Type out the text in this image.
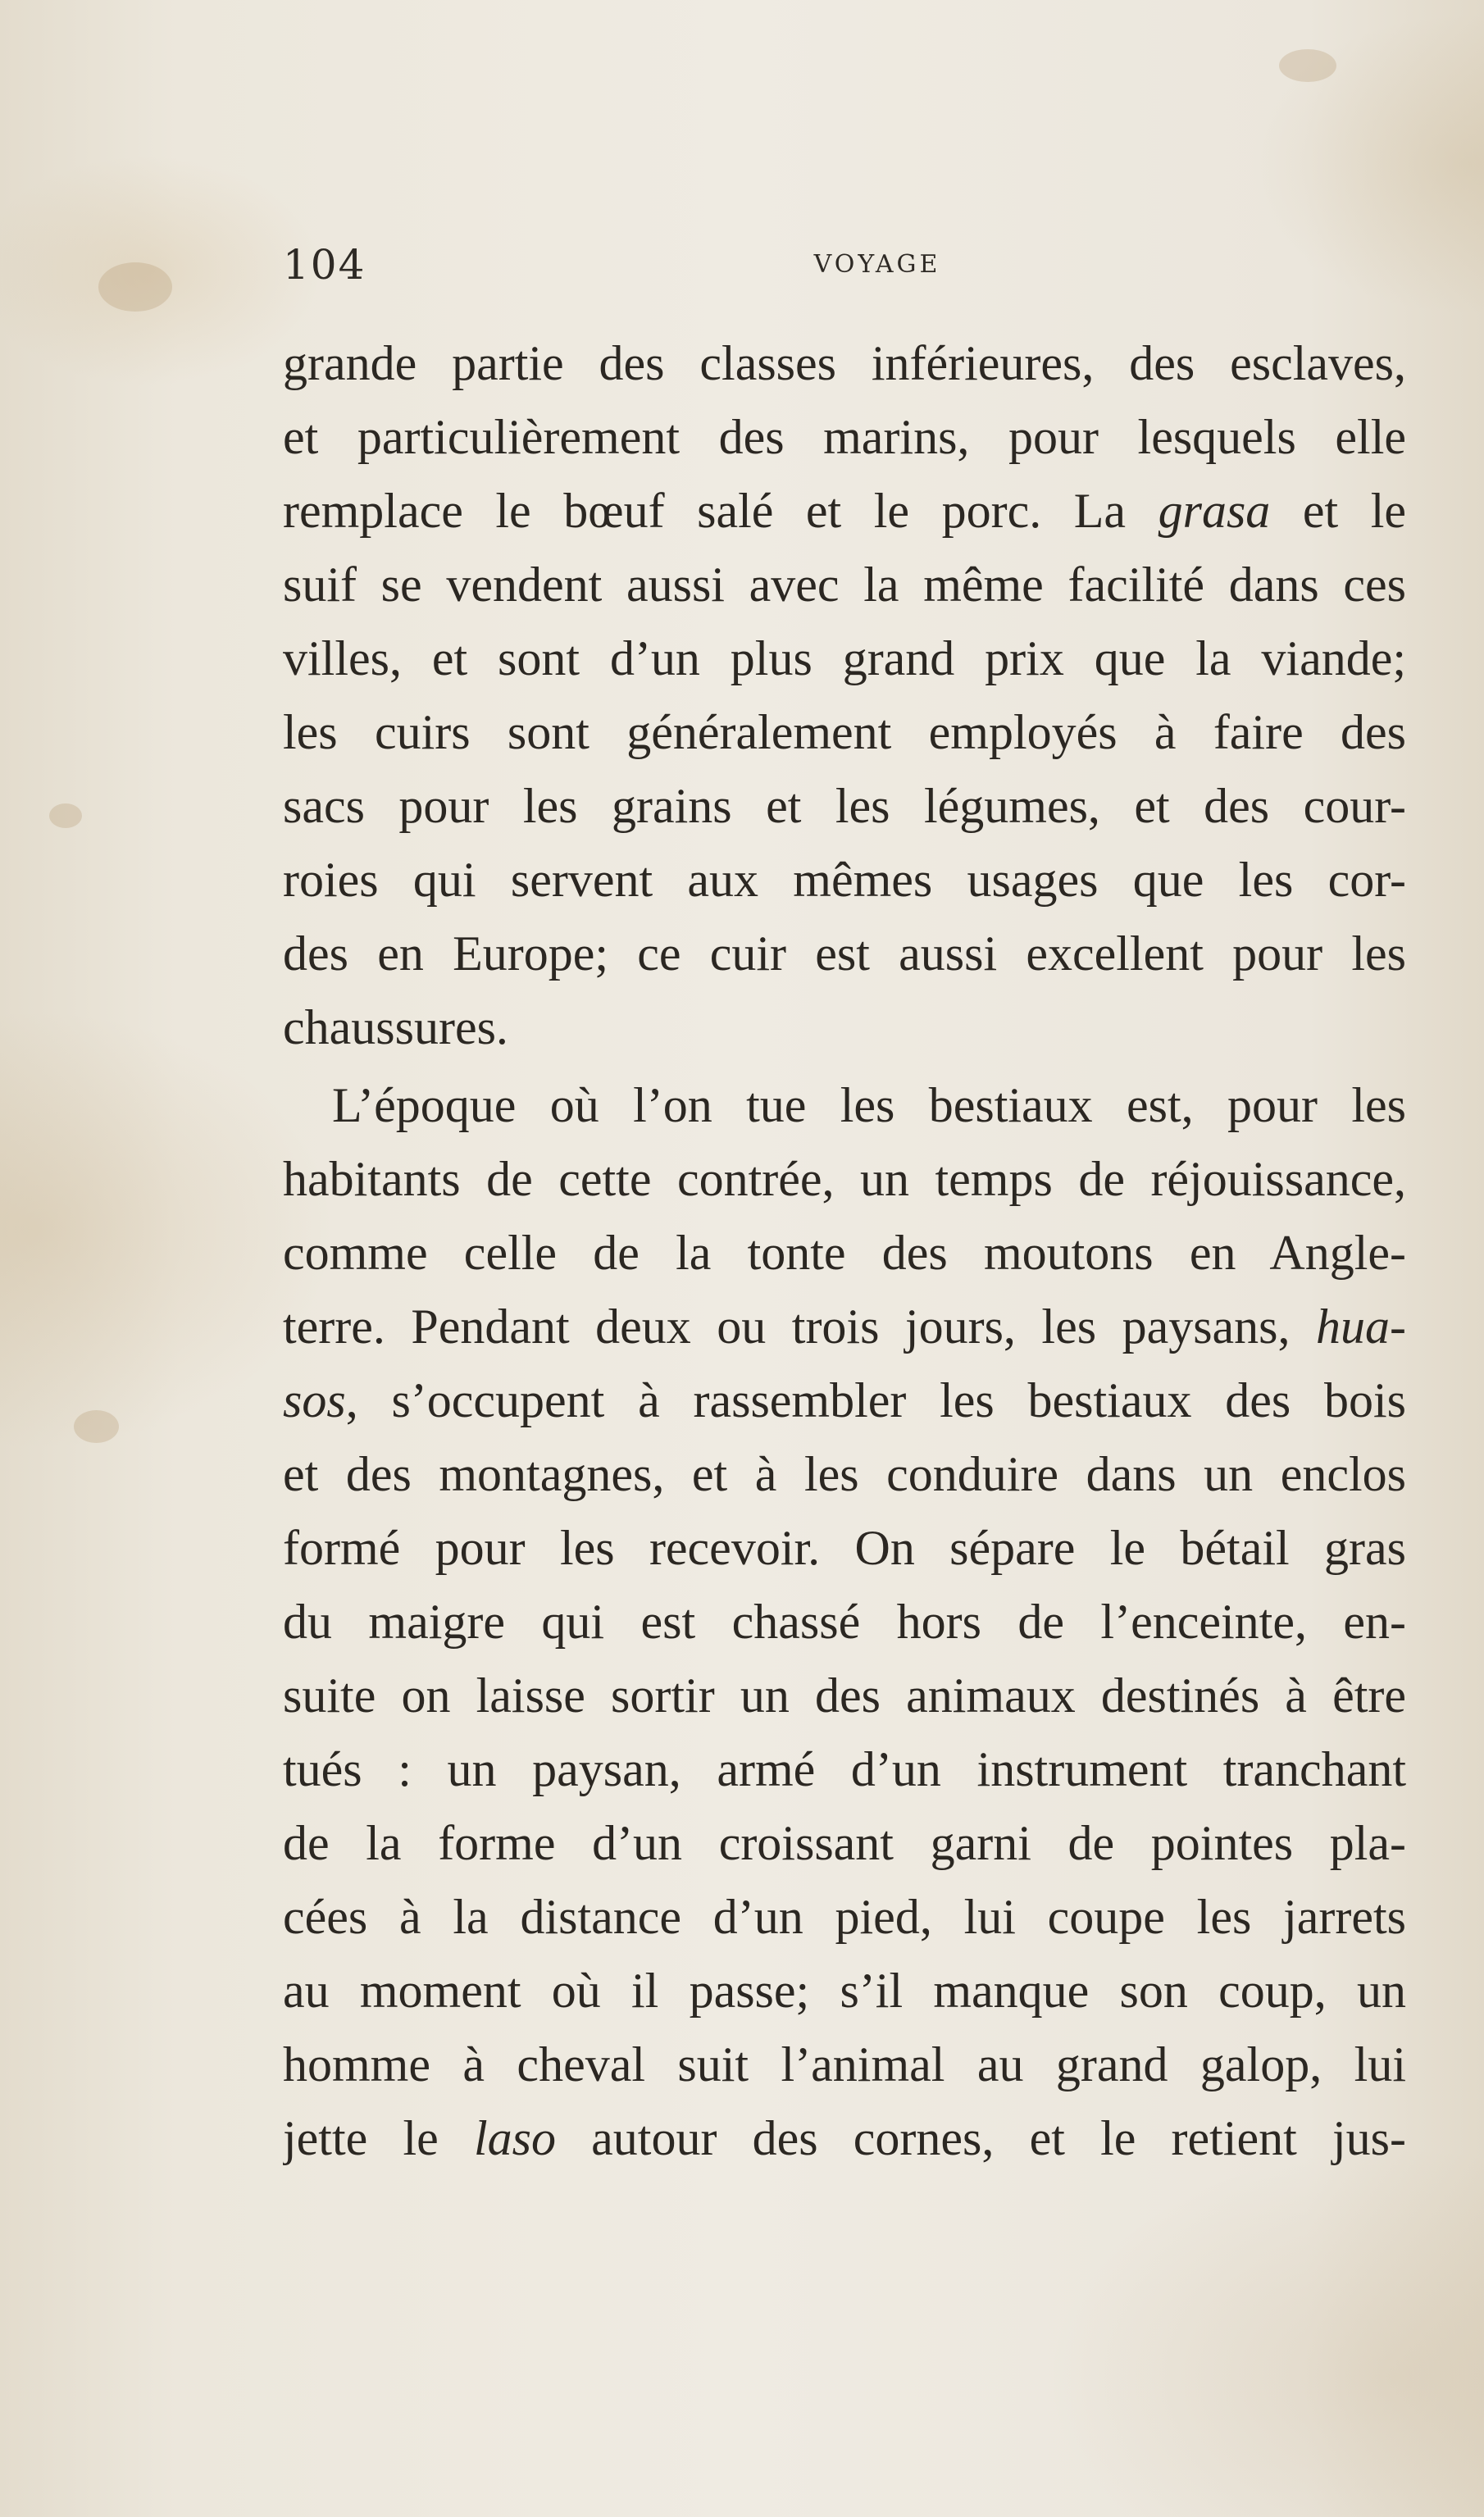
104	VOYAGE
grande partie des classes inférieures, des esclaves,
et particulièrement des marins, pour lesquels elle
remplace le bœuf salé et le porc. La grasa et le
suif se vendent aussi avec la même facilité dans ces
villes, et sont d’un plus grand prix que la viande;
les cuirs sont généralement employés à faire des
sacs pour les grains et les légumes, et des cour-
roies qui servent aux mêmes usages que les cor-
des en Europe; ce cuir est aussi excellent pour les
chaussures.
L’époque où l’on tue les bestiaux est, pour les
habitants de cette contrée, un temps de réjouissance,
comme celle de la tonte des moutons en Angle-
terre. Pendant deux ou trois jours, les paysans, hua-
sos, s’occupent à rassembler les bestiaux des bois
et des montagnes, et à les conduire dans un enclos
formé pour les recevoir. On sépare le bétail gras
du maigre qui est chassé hors de l’enceinte, en-
suite on laisse sortir un des animaux destinés à être
tués : un paysan, armé d’un instrument tranchant
de la forme d’un croissant garni de pointes pla-
cées à la distance d’un pied, lui coupe les jarrets
au moment où il passe; s’il manque son coup, un
homme à cheval suit l’animal au grand galop, lui
jette le laso autour des cornes, et le retient jus-
